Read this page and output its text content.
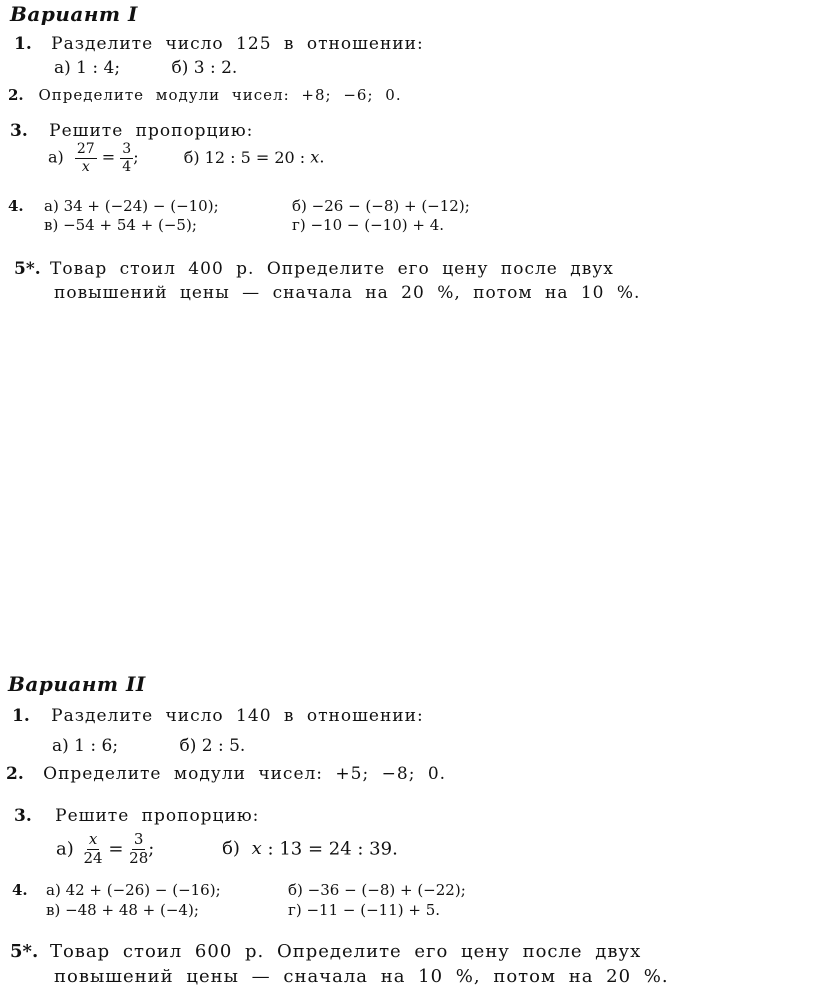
Вариант I
1. Разделите число 125 в отношении:
а) 1 : 4;	б) 3 : 2.
2. Определите модули чисел: +8; −6; 0.
3. Решите пропорцию:
$а) \frac{27}{x} = \frac{3}{4}$ ;	б) 12 : 5 = 20 : x.
4. а) 34 + (−24) − (−10);	б) −26 − (−8) + (−12);
в) −54 + 54 + (−5);	г) −10 − (−10) + 4.
5*. Товар стоил 400 р. Определите его цену после двух
повышений цены — сначала на 20 %, потом на 10 %.
Вариант II
1. Разделите число 140 в отношении:
а) 1 : 6;	б) 2 : 5.
2. Определите модули чисел: +5; −8; 0.
3. Решите пропорцию:
$а) \frac{x}{24} = \frac{3}{28}$ ;	б) x : 13 = 24 : 39.
4. а) 42 + (−26) − (−16);	б) −36 − (−8) + (−22);
в) −48 + 48 + (−4);	г) −11 − (−11) + 5.
5*. Товар стоил 600 р. Определите его цену после двух
повышений цены — сначала на 10 %, потом на 20 %.
